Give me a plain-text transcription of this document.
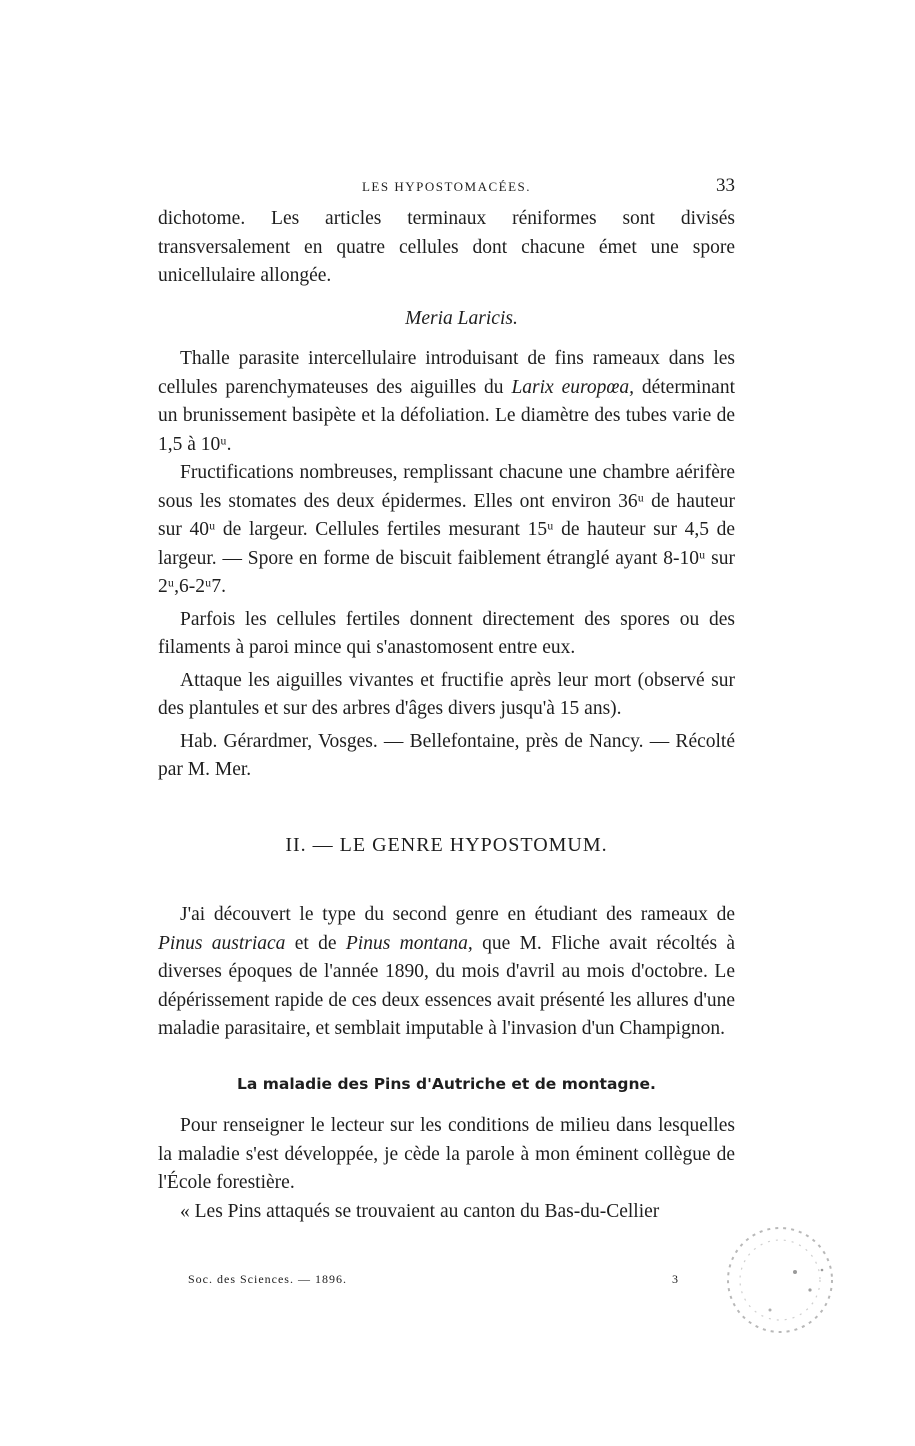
LES HYPOSTOMACÉES.	33

dichotome. Les articles terminaux réniformes sont divisés transversalement en quatre cellules dont chacune émet une spore unicellulaire allongée.

Meria Laricis.

Thalle parasite intercellulaire introduisant de fins rameaux dans les cellules parenchymateuses des aiguilles du Larix europœa, déterminant un brunissement basipète et la défoliation. Le diamètre des tubes varie de 1,5 à 10ᵘ.

Fructifications nombreuses, remplissant chacune une chambre aérifère sous les stomates des deux épidermes. Elles ont environ 36ᵘ de hauteur sur 40ᵘ de largeur. Cellules fertiles mesurant 15ᵘ de hauteur sur 4,5 de largeur. — Spore en forme de biscuit faiblement étranglé ayant 8-10ᵘ sur 2ᵘ,6-2ᵘ7.

Parfois les cellules fertiles donnent directement des spores ou des filaments à paroi mince qui s'anastomosent entre eux.

Attaque les aiguilles vivantes et fructifie après leur mort (observé sur des plantules et sur des arbres d'âges divers jusqu'à 15 ans).

Hab. Gérardmer, Vosges. — Bellefontaine, près de Nancy. — Récolté par M. Mer.

II. — LE GENRE HYPOSTOMUM.

J'ai découvert le type du second genre en étudiant des rameaux de Pinus austriaca et de Pinus montana, que M. Fliche avait récoltés à diverses époques de l'année 1890, du mois d'avril au mois d'octobre. Le dépérissement rapide de ces deux essences avait présenté les allures d'une maladie parasitaire, et semblait imputable à l'invasion d'un Champignon.

La maladie des Pins d'Autriche et de montagne.

Pour renseigner le lecteur sur les conditions de milieu dans lesquelles la maladie s'est développée, je cède la parole à mon éminent collègue de l'École forestière.

« Les Pins attaqués se trouvaient au canton du Bas-du-Cellier

Soc. des Sciences. — 1896.	3
